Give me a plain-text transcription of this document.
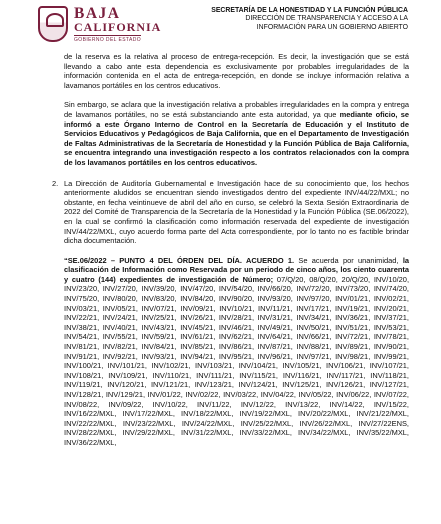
BAJA
CALIFORNIA
GOBIERNO DEL ESTADO
SECRETARÍA DE LA HONESTIDAD Y LA FUNCIÓN PÚBLICA
DIRECCIÓN DE TRANSPARENCIA Y ACCESO A LA
INFORMACIÓN PARA UN GOBIERNO ABIERTO

de la reserva es la relativa al proceso de entrega-recepción. Es decir, la investigación que se está llevando a cabo ante esta dependencia es exclusivamente por probables irregularidades de la información contenida en el acta de entrega-recepción, en donde se incluye información relativa a lavamanos portátiles en los centros educativos.

Sin embargo, se aclara que la investigación relativa a probables irregularidades en la compra y entrega de lavamanos portátiles, no se está substanciando ante esta autoridad, ya que mediante oficio, se informó a este Órgano Interno de Control en la Secretaría de Educación y el Instituto de Servicios Educativos y Pedagógicos de Baja California, que en el Departamento de Investigación de Faltas Administrativas de la Secretaría de Honestidad y la Función Pública de Baja California, se encuentra integrando una investigación respecto a los contratos relacionados con la compra de los lavamanos portátiles en los centros educativos.

2. La Dirección de Auditoría Gubernamental e Investigación hace de su conocimiento que, los hechos anteriormente aludidos se encuentran siendo investigados dentro del expediente INV/44/22/MXL; no obstante, en fecha veintinueve de abril del año en curso, se celebró la Sexta Sesión Extraordinaria de 2022 del Comité de Transparencia de la Secretaría de la Honestidad y la Función Pública (SE.06/2022), en la cual se confirmó la clasificación como información reservada del expediente de investigación INV/44/22/MXL, cuyo acuerdo forma parte del Acta correspondiente, por lo tanto no es factible brindar dicha documentación.

“SE.06/2022 – PUNTO 4 DEL ÓRDEN DEL DÍA. ACUERDO 1. Se acuerda por unanimidad, la clasificación de Información como Reservada por un periodo de cinco años, los ciento cuarenta y cuatro (144) expedientes de investigación de Número; 07/Q/20, 08/Q/20, 20/Q/20, INV/10/20, INV/23/20, INV/27/20, INV/39/20, INV/47/20, INV/54/20, INV/66/20, INV/72/20, INV/73/20, INV/74/20, INV/75/20, INV/80/20, INV/83/20, INV/84/20, INV/90/20, INV/93/20, INV/97/20, INV/01/21, INV/02/21, INV/03/21, INV/05/21, INV/07/21, INV/09/21, INV/10/21, INV/11/21, INV/17/21, INV/19/21, INV/20/21, INV/22/21, INV/24/21, INV/25/21, INV/26/21, INV/28/21, INV/31/21, INV/34/21, INV/36/21, INV/37/21, INV/38/21, INV/40/21, INV/43/21, INV/45/21, INV/46/21, INV/49/21, INV/50/21, INV/51/21, INV/53/21, INV/54/21, INV/55/21, INV/59/21, INV/61/21, INV/62/21, INV/64/21, INV/66/21, INV/72/21, INV/78/21, INV/81/21, INV/82/21, INV/84/21, INV/85/21, INV/86/21, INV/87/21, INV/88/21, INV/89/21, INV/90/21, INV/91/21, INV/92/21, INV/93/21, INV/94/21, INV/95/21, INV/96/21, INV/97/21, INV/98/21, INV/99/21, INV/100/21, INV/101/21, INV/102/21, INV/103/21, INV/104/21, INV/105/21, INV/106/21, INV/107/21, INV/108/21, INV/109/21, INV/110/21, INV/111/21, INV/115/21, INV/116/21, INV/117/21, INV/118/21, INV/119/21, INV/120/21, INV/121/21, INV/123/21, INV/124/21, INV/125/21, INV/126/21, INV/127/21, INV/128/21, INV/129/21, INV/01/22, INV/02/22, INV/03/22, INV/04/22, INV/05/22, INV/06/22, INV/07/22, INV/08/22, INV/09/22, INV/10/22, INV/11/22, INV/12/22, INV/13/22, INV/14/22, INV/15/22, INV/16/22/MXL, INV/17/22/MXL, INV/18/22/MXL, INV/19/22/MXL, INV/20/22/MXL, INV/21/22/MXL, INV/22/22/MXL, INV/23/22/MXL, INV/24/22/MXL, INV/25/22/MXL, INV/26/22/MXL, INV/27/22ENS, INV/28/22/MXL, INV/29/22/MXL, INV/31/22/MXL, INV/33/22/MXL, INV/34/22/MXL, INV/35/22/MXL, INV/36/22/MXL,
